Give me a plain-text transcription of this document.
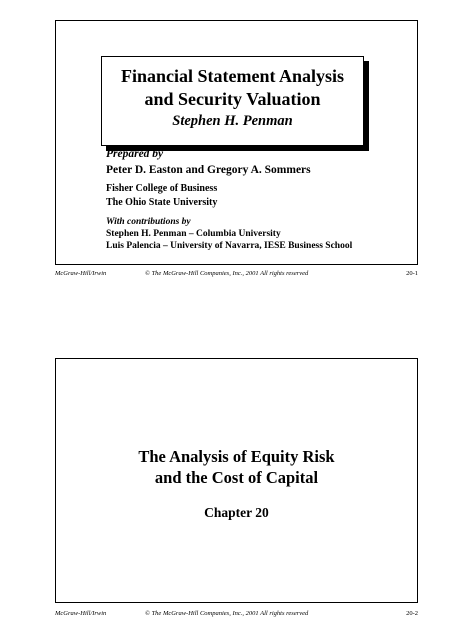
Financial Statement Analysis
and Security Valuation
Stephen H. Penman
Prepared by
Peter D. Easton and Gregory A. Sommers
Fisher College of Business
The Ohio State University
With contributions by
Stephen H. Penman – Columbia University
Luis Palencia – University of Navarra, IESE Business School
McGraw-Hill/Irwin	© The McGraw-Hill Companies, Inc., 2001 All rights reserved	20-1
The Analysis of Equity Risk
and the Cost of Capital
Chapter 20
McGraw-Hill/Irwin	© The McGraw-Hill Companies, Inc., 2001 All rights reserved	20-2
